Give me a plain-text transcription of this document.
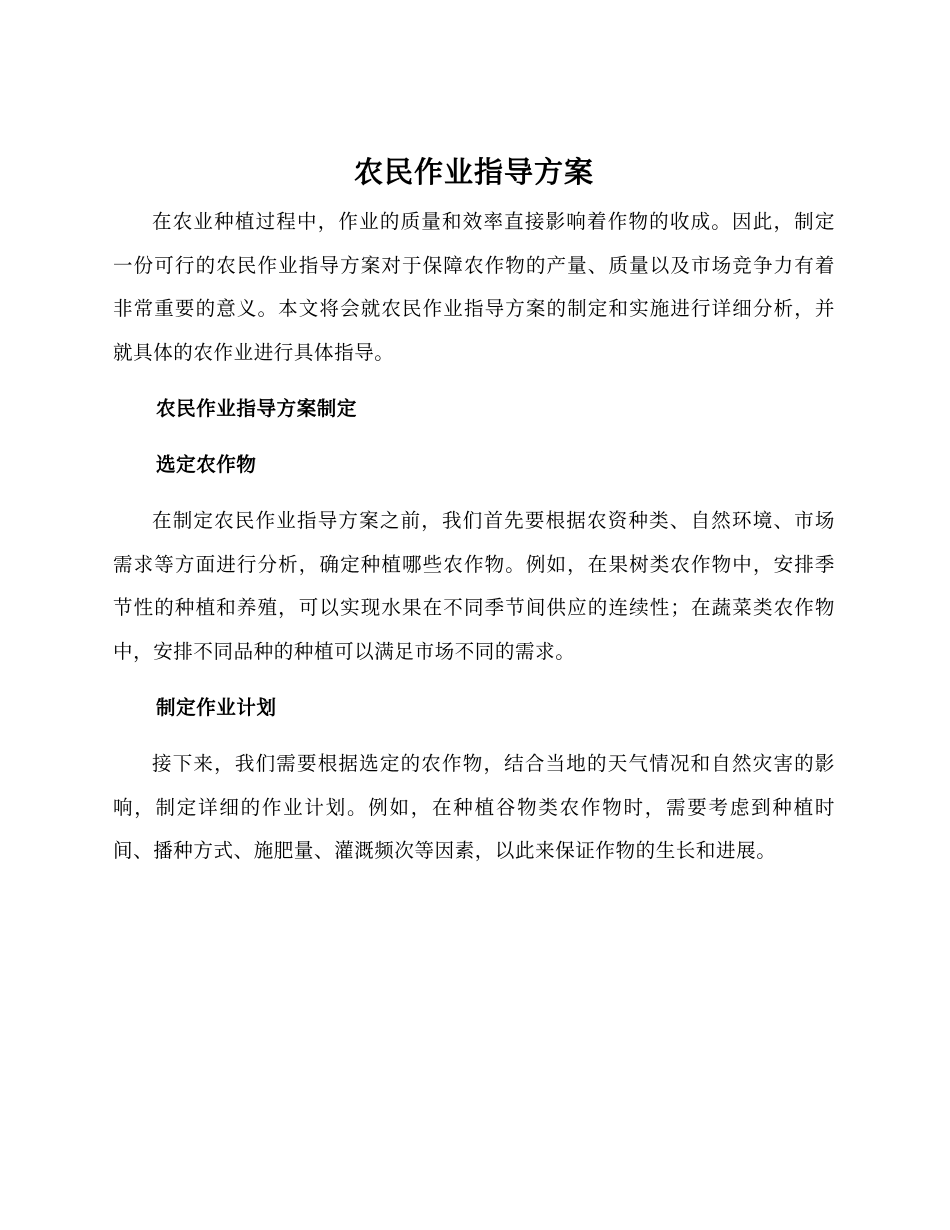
农民作业指导方案

在农业种植过程中，作业的质量和效率直接影响着作物的收成。因此，制定一份可行的农民作业指导方案对于保障农作物的产量、质量以及市场竞争力有着非常重要的意义。本文将会就农民作业指导方案的制定和实施进行详细分析，并就具体的农作业进行具体指导。

农民作业指导方案制定
选定农作物

在制定农民作业指导方案之前，我们首先要根据农资种类、自然环境、市场需求等方面进行分析，确定种植哪些农作物。例如，在果树类农作物中，安排季节性的种植和养殖，可以实现水果在不同季节间供应的连续性；在蔬菜类农作物中，安排不同品种的种植可以满足市场不同的需求。

制定作业计划

接下来，我们需要根据选定的农作物，结合当地的天气情况和自然灾害的影响，制定详细的作业计划。例如，在种植谷物类农作物时，需要考虑到种植时间、播种方式、施肥量、灌溉频次等因素，以此来保证作物的生长和进展。
